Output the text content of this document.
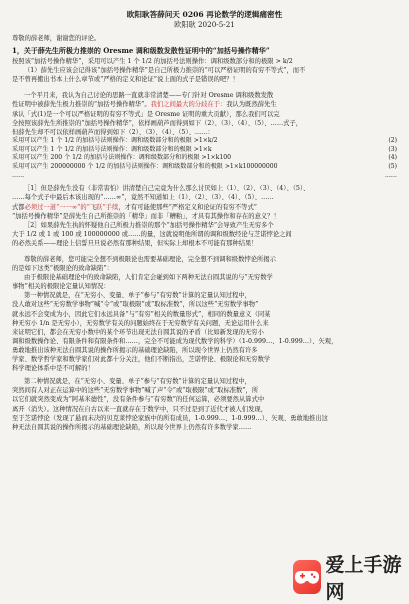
欧阳耿答薛问天 0206 再论数学的逻辑痛密性
欧阳耿 2020-5-21

尊敬的薛老师，谢谢您的评论。

1，关于薛先生所极力推崇的 Oresme 调和级数发散性证明中的“加括号操作精华”

按照该“加括号操作精华”，采用可以产生 1 个 1/2 的加括号法则操作：调和级数部分和的极限 > k/2

（1）薛先生应该会记得该“加括号操作精华”是自己所极力推崇的“可以严格证明的有穷不等式”，而不

是不曾再搬出书本上什么章节或“严格的定义和论证”说上面的式子是错误的吧？！

一个平月来，我认为自己讨论的思路一直就非常清楚——专门针对 Oresme 调和级数发散

性证明中被薛先生极力推崇的“加括号操作精华”。我们之间最大的分歧在于：我认为既然薛先生

承认「式(1)是一个可以严格证明的有穷不等式」是 Oresme 证明的重大贡献），那么我们可以完

全按照该薛先生所推崇的“加括号操作精华”，依样画葫芦而得到如下（2）、（3）、（4）、（5）、……式子，

但薛先生却不可以依样画葫芦而得到如下（2）、（3）、（4）、（5）、……：

采用可以产生 1 个 1/2 的加括号法则操作：调和级数部分和的极限 >1×k/2	(2)
采用可以产生 1 个 1/2 的加括号法则操作：调和级数部分和的极限 >1×k	(3)
采用可以产生 200 个 1/2 的加括号法则操作：调和级数部分和的极限 >1×k100	(4)
采用可以产生 200000000 个 1/2 的加括号法则操作：调和级数部分和的极限 >1×k100000000	(5)
……	……

［1］但是薛先生没有（非常害怕）讲清楚自己完竟为什么那么讨厌如上（1）、（2）、（3）、（4）、（5）、

……每个式子中最后本该出现的“……∞”，竟然不知道如上（1）、（2）、（3）、（4）、（5）、……

式都必须过一道“一一∞”的“飞跃”手续，才有可能使那些“严格定义和论证的有穷不等式”

“加括号操作精华”是薛先生自己所推崇的「精华」而非「糟粕」，才具有其操作和存在的意义？！

［2］如果薛先生执的怀疑他自己所极力推崇的那个“加括号操作精华”会导致产生无穷多个

大于 1/2 或 1 或 100 或 100000000 或……的量，这就说明他所谓的调和级数经论与芝诺悖论之间

的必然关系——理论上信誓旦旦说必然有那种结果，但实际上却根本不可能有那种结果！

尊敬的薛老师，您可能完全想不到极限论也需要基础理论，完全想不到调和级数悖论所揭示

的是如下这类“极限论的致命缺陷”：

由于极限论基础理论中的致命缺陷，人们肯定会碰到如下两种无法自圆其说的与“无穷数学

事物”相关的极限论定量认知情况：

第一种情况就是，在“无穷小、变量、单子”参与“有穷数”计算的定量认知过程中，

没人敢对这些“无穷数学事物”喊“令”或“取极限”或“取标准数”，所以这些“无穷数学事物”

就永远不会变成为小，因此它们永远具备“与“有穷”相关的数量形式”，相同的数量意义（同某

种无穷小 1/n 是无穷小），无穷数学有关的问题始终在于无穷数学有关问题，无论运用什么来

来证明它们，都会在无穷小数中的某个环节出现无法自圆其说的矛盾（比如新发现的无穷小

调和级数操作论、有限条件和有限条件和……，完全不可能成为现代数学的科学）（1-0.999…、1-0.999…）、矢观，

勇敢地推出该种无法自圆其说的操作所揭示的基础理论缺陷，所以现今世界上仍然有许多

学家、数学哲学家和数学家们对此都十分关注，他们不断指出，芝诺悖论、极限论和无穷数学

科学理论体系中是不可解的！

第二种情况就是，在“无穷小、变量、单子”参与“有穷数”计算的定量认知过程中，

突然间有人对正在运算中的这些“无穷数学事物”喊了声“令”或“取极限”或“取标准数”，所

以它们就突然变成为“阿基米德性”，没有条件参与“有穷数”的任何运算，必须要然从算式中

离开（消失）。这种情况在自古以来一直就存在于数学中，只不过是到了近代才被人们发现，

至于芝诺悖论（发现了悬而未决的贝克莱悖论家族中的所有成员，1-0.999…、1-0.999…）、矢观、勇敢地推出这

种无法自圆其说的操作所揭示的基础理论缺陷，所以现今世界上仍然有许多数学家……

爱上手游网
